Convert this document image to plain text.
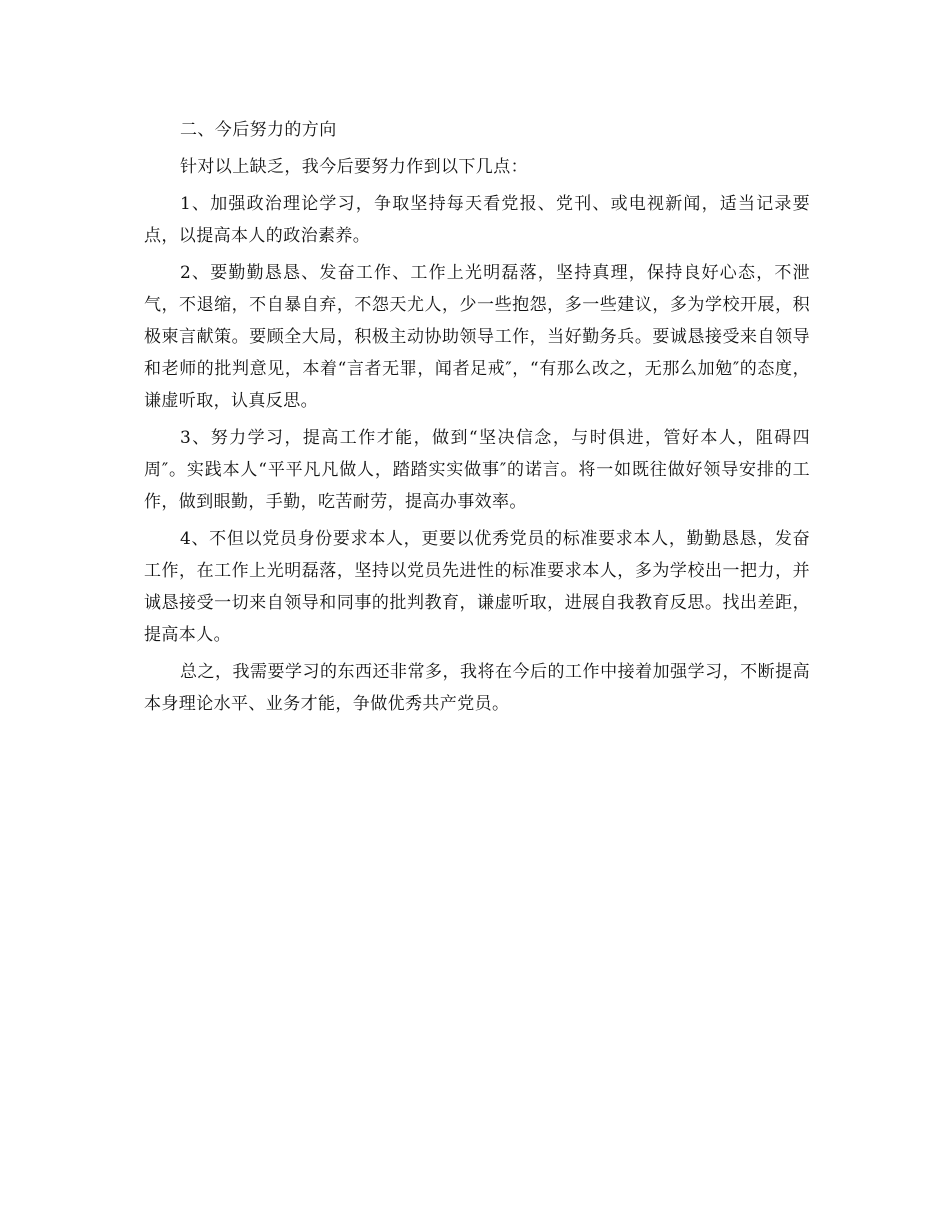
二、今后努力的方向

针对以上缺乏，我今后要努力作到以下几点：

1、加强政治理论学习，争取坚持每天看党报、党刊、或电视新闻，适当记录要点，以提高本人的政治素养。

2、要勤勤恳恳、发奋工作、工作上光明磊落，坚持真理，保持良好心态，不泄气，不退缩，不自暴自弃，不怨天尤人，少一些抱怨，多一些建议，多为学校开展，积极柬言献策。要顾全大局，积极主动协助领导工作，当好勤务兵。要诚恳接受来自领导和老师的批判意见，本着“言者无罪，闻者足戒″，“有那么改之，无那么加勉″的态度，谦虚听取，认真反思。

3、努力学习，提高工作才能，做到“坚决信念，与时俱进，管好本人，阻碍四周″。实践本人“平平凡凡做人，踏踏实实做事″的诺言。将一如既往做好领导安排的工作，做到眼勤，手勤，吃苦耐劳，提高办事效率。

4、不但以党员身份要求本人，更要以优秀党员的标准要求本人，勤勤恳恳，发奋工作，在工作上光明磊落，坚持以党员先进性的标准要求本人，多为学校出一把力，并诚恳接受一切来自领导和同事的批判教育，谦虚听取，进展自我教育反思。找出差距，提高本人。

总之，我需要学习的东西还非常多，我将在今后的工作中接着加强学习，不断提高本身理论水平、业务才能，争做优秀共产党员。
